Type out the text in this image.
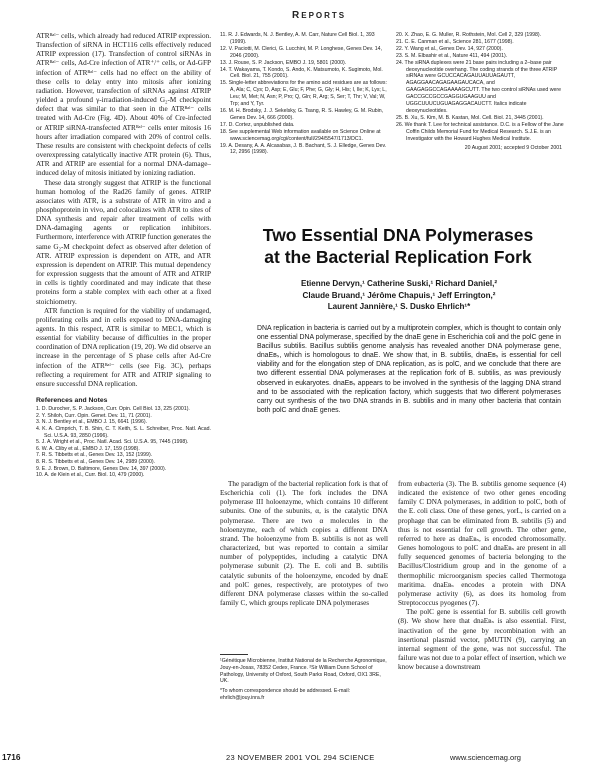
REPORTS

ATRᴮᵃˡ⁻ cells, which already had reduced ATRIP expression. Transfection of siRNA in HCT116 cells effectively reduced ATRIP expression (17). Transfection of control siRNAs in ATRᴮᵃˡ⁻ cells, Ad-Cre infection of ATR⁺/⁺ cells, or Ad-GFP infection of ATRᴮᵃˡ⁻ cells had no effect on the ability of these cells to delay entry into mitosis after ionizing radiation. However, transfection of siRNAs against ATRIP yielded a profound γ-irradiation-induced G₂-M checkpoint defect that was similar to that seen in the ATRᴮᵃˡ⁻ cells treated with Ad-Cre (Fig. 4D). About 40% of Cre-infected or ATRIP siRNA-transfected ATRᴮᵃˡ⁻ cells enter mitosis 16 hours after irradiation compared with 20% of control cells. These results are consistent with checkpoint defects of cells overexpressing catalytically inactive ATR protein (6). Thus, ATR and ATRIP are essential for a normal DNA-damage–induced delay of mitosis initiated by ionizing radiation.

These data strongly suggest that ATRIP is the functional human homolog of the Rad26 family of genes. ATRIP associates with ATR, is a substrate of ATR in vitro and a phosphoprotein in vivo, and colocalizes with ATR to sites of DNA synthesis and repair after treatment of cells with DNA-damaging agents or replication inhibitors. Furthermore, interference with ATRIP function generates the same G₂-M checkpoint defect as observed after deletion of ATR. ATRIP expression is dependent on ATR, and ATR expression is dependent on ATRIP. This mutual dependency for expression suggests that the amount of ATR and ATRIP in cells is tightly coordinated and may indicate that these proteins form a stable complex with each other at a fixed stoichiometry.

ATR function is required for the viability of undamaged, proliferating cells and in cells exposed to DNA-damaging agents. In this respect, ATR is similar to MEC1, which is essential for viability because of difficulties in the proper coordination of DNA replication (19, 20). We did observe an increase in the percentage of S phase cells after Ad-Cre infection of the ATRᴮᵃˡ⁻ cells (see Fig. 3C), perhaps reflecting a requirement for ATR and ATRIP signaling to ensure successful DNA replication.

References and Notes
1. D. Durocher, S. P. Jackson, Curr. Opin. Cell Biol. 13, 225 (2001).
2. Y. Shiloh, Curr. Opin. Genet. Dev. 11, 71 (2001).
3. N. J. Bentley et al., EMBO J. 15, 6641 (1996).
4. K. A. Cimprich, T. B. Shin, C. T. Keith, S. L. Schreiber, Proc. Natl. Acad. Sci. U.S.A. 93, 2850 (1996).
5. J. A. Wright et al., Proc. Natl. Acad. Sci. U.S.A. 95, 7445 (1998).
6. W. A. Cliby et al., EMBO J. 17, 159 (1998).
7. R. S. Tibbetts et al., Genes Dev. 13, 152 (1999).
8. R. S. Tibbetts et al., Genes Dev. 14, 2989 (2000).
9. E. J. Brown, D. Baltimore, Genes Dev. 14, 397 (2000).
10. A. de Klein et al., Curr. Biol. 10, 479 (2000).
11. R. J. Edwards, N. J. Bentley, A. M. Carr, Nature Cell Biol. 1, 393 (1999).
12. V. Paciotti, M. Clerici, G. Lucchini, M. P. Longhese, Genes Dev. 14, 2046 (2000).
13. J. Rouse, S. P. Jackson, EMBO J. 19, 5801 (2000).
14. T. Wakayama, T. Kondo, S. Ando, K. Matsumoto, K. Sugimoto, Mol. Cell. Biol. 21, 755 (2001).
15. Single-letter abbreviations for the amino acid residues are as follows: A, Ala; C, Cys; D, Asp; E, Glu; F, Phe; G, Gly; H, His; I, Ile; K, Lys; L, Leu; M, Met; N, Asn; P, Pro; Q, Gln; R, Arg; S, Ser; T, Thr; V, Val; W, Trp; and Y, Tyr.
16. M. H. Brodsky, J. J. Sekelsky, G. Tsang, R. S. Hawley, G. M. Rubin, Genes Dev. 14, 666 (2000).
17. D. Cortez, unpublished data.
18. See supplemental Web information available on Science Online at www.sciencemag.org/cgi/content/full/294/5547/1713/DC1.
19. A. Desany, A. A. Alcasabas, J. B. Bachant, S. J. Elledge, Genes Dev. 12, 2956 (1998).
20. X. Zhao, E. G. Muller, R. Rothstein, Mol. Cell 2, 329 (1998).
21. C. E. Canman et al., Science 281, 1677 (1998).
22. Y. Wang et al., Genes Dev. 14, 927 (2000).
23. S. M. Elbashir et al., Nature 411, 494 (2001).
24. The siRNA duplexes were 21 base pairs including a 2–base pair deoxynucleotide overhang. The coding strands of the three ATRIP siRNAs were GCUCCACAGAUUAUUAGAUTT, AGAGGAACAGAGAAGAUCACA, and GAAGAGGCCAGAAAAGCUTT. The two control siRNAs used were GACCGCCGCCGAGGUGAAGUU and UGGCUUUCUGUAGAGGACAUCTT. Italics indicate deoxynucleotides.
25. B. Xu, S. Kim, M. B. Kastan, Mol. Cell. Biol. 21, 3445 (2001).
26. We thank T. Lee for technical assistance. D.C. is a Fellow of the Jane Coffin Childs Memorial Fund for Medical Research. S.J.E. is an Investigator with the Howard Hughes Medical Institute.
20 August 2001; accepted 9 October 2001
Two Essential DNA Polymerases
at the Bacterial Replication Fork
Etienne Dervyn,¹ Catherine Suski,¹ Richard Daniel,²
Claude Bruand,¹ Jérôme Chapuis,¹ Jeff Errington,²
Laurent Jannière,¹ S. Dusko Ehrlich¹*
DNA replication in bacteria is carried out by a multiprotein complex, which is thought to contain only one essential DNA polymerase, specified by the dnaE gene in Escherichia coli and the polC gene in Bacillus subtilis. Bacillus subtilis genome analysis has revealed another DNA polymerase gene, dnaEʙₛ, which is homologous to dnaE. We show that, in B. subtilis, dnaEʙₛ is essential for cell viability and for the elongation step of DNA replication, as is polC, and we conclude that there are two different essential DNA polymerases at the replication fork of B. subtilis, as was previously observed in eukaryotes. dnaEʙₛ appears to be involved in the synthesis of the lagging DNA strand and to be associated with the replication factory, which suggests that two different polymerases carry out synthesis of the two DNA strands in B. subtilis and in many other bacteria that contain both polC and dnaE genes.

The paradigm of the bacterial replication fork is that of Escherichia coli (1). The fork includes the DNA polymerase III holoenzyme, which contains 10 different subunits. One of the subunits, α, is the catalytic DNA polymerase. There are two α molecules in the holoenzyme, each of which copies a different DNA strand. The holoenzyme from B. subtilis is not as well characterized, but was reported to contain a similar number of polypeptides, including a catalytic DNA polymerase subunit (2). The E. coli and B. subtilis catalytic subunits of the holoenzyme, encoded by dnaE and polC genes, respectively, are prototypes of two different DNA polymerase classes within the so-called family C, which groups replicate DNA polymerases

from eubacteria (3). The B. subtilis genome sequence (4) indicated the existence of two other genes encoding family C DNA polymerases, in addition to polC, both of the E. coli class. One of these genes, yorL, is carried on a prophage that can be eliminated from B. subtilis (5) and thus is not essential for cell growth. The other gene, referred to here as dnaEʙₛ, is encoded chromosomally. Genes homologous to polC and dnaEʙₛ are present in all fully sequenced genomes of bacteria belonging to the Bacillus/Clostridium group and in the genome of a thermophilic microorganism species called Thermotoga maritima. dnaEʙₛ encodes a protein with DNA polymerase activity (6), as does its homolog from Streptococcus pyogenes (7).

The polC gene is essential for B. subtilis cell growth (8). We show here that dnaEʙₛ is also essential. First, inactivation of the gene by recombination with an insertional plasmid vector, pMUTIN (9), carrying an internal segment of the gene, was not successful. The failure was not due to a polar effect of insertion, which we know because a downstream

¹Génétique Microbienne, Institut National de la Recherche Agronomique, Jouy-en-Josas, 78352 Cedex, France. ²Sir William Dunn School of Pathology, University of Oxford, South Parks Road, Oxford, OX1 3RE, UK.

*To whom correspondence should be addressed. E-mail: ehrlich@jouy.inra.fr

1716	23 NOVEMBER 2001 VOL 294 SCIENCE	www.sciencemag.org
